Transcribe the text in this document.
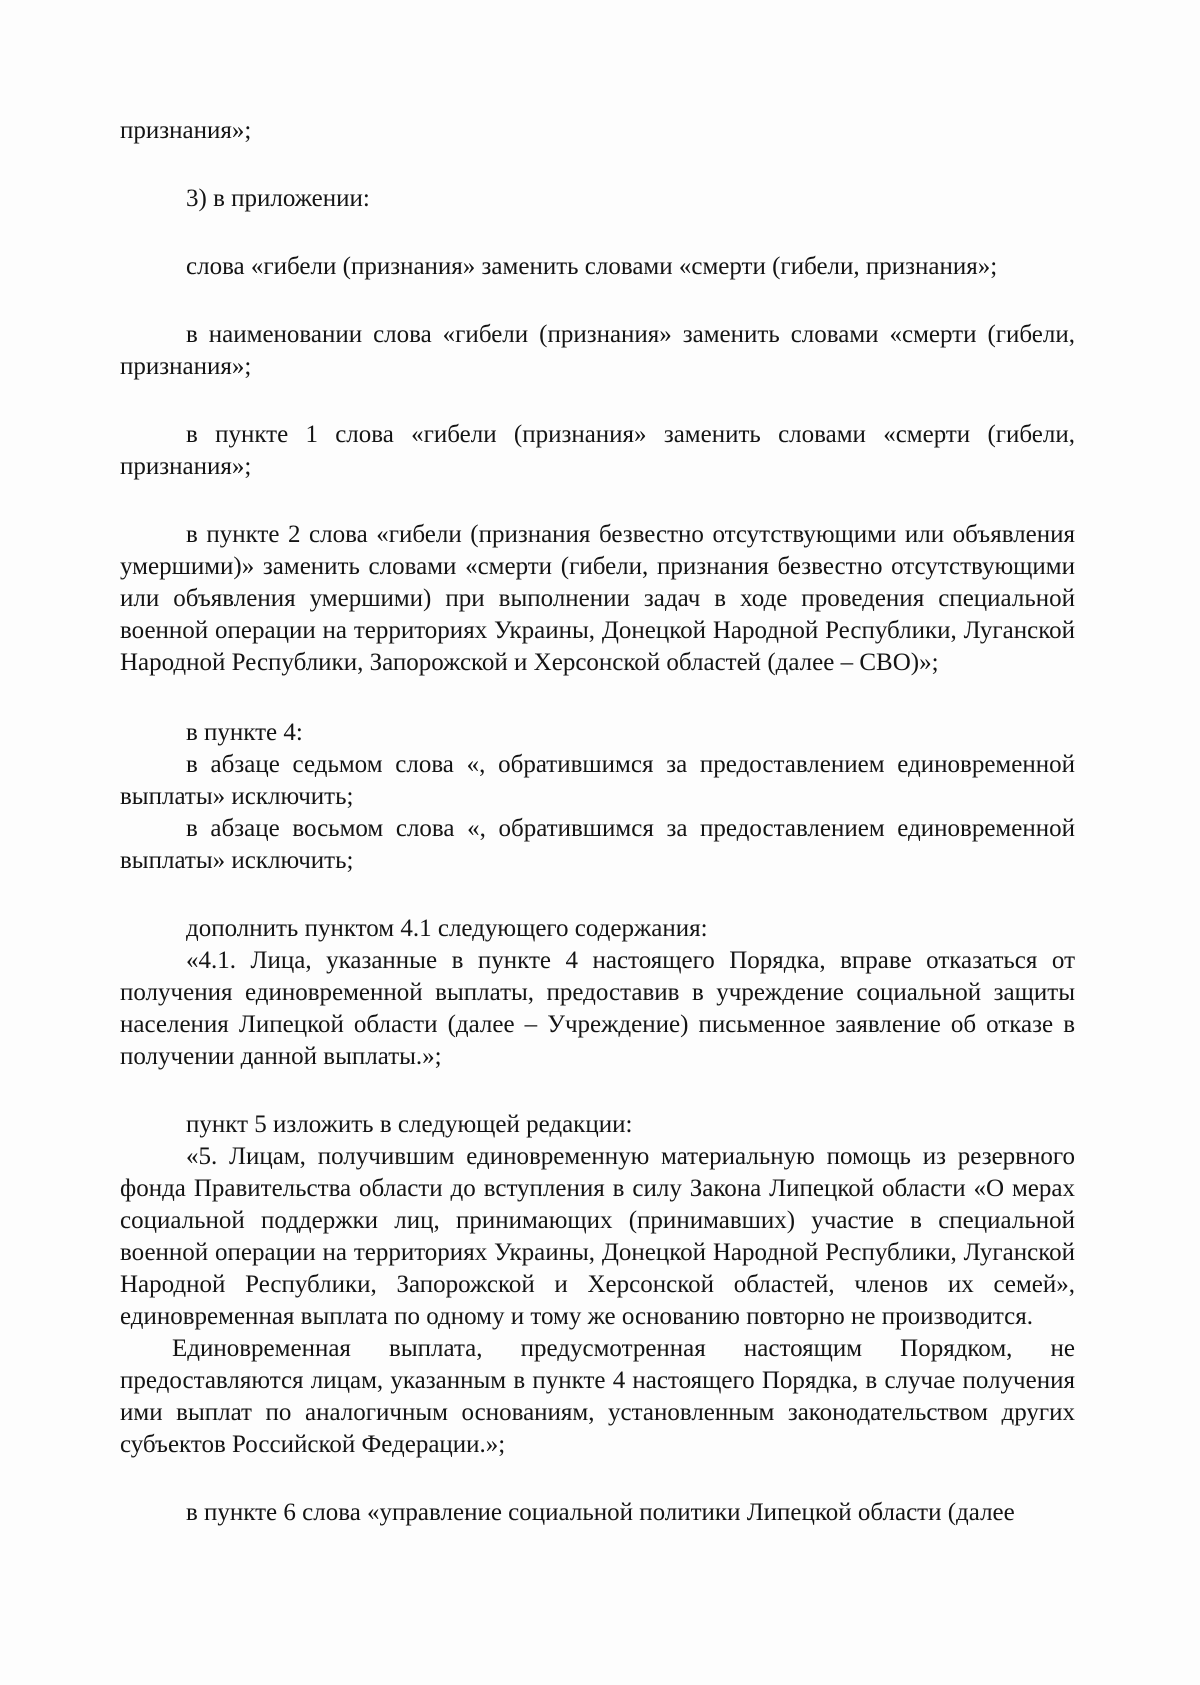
признания»;

3) в приложении:

слова «гибели (признания» заменить словами «смерти (гибели, признания»;

в наименовании слова «гибели (признания» заменить словами «смерти (гибели, признания»;

в пункте 1 слова «гибели (признания» заменить словами «смерти (гибели, признания»;

в пункте 2 слова «гибели (признания безвестно отсутствующими или объявления умершими)» заменить словами «смерти (гибели, признания безвестно отсутствующими или объявления умершими) при выполнении задач в ходе проведения специальной военной операции на территориях Украины, Донецкой Народной Республики, Луганской Народной Республики, Запорожской и Херсонской областей (далее – СВО)»;

в пункте 4:

в абзаце седьмом слова «, обратившимся за предоставлением единовременной выплаты» исключить;

в абзаце восьмом слова «, обратившимся за предоставлением единовременной выплаты» исключить;

дополнить пунктом 4.1 следующего содержания:

«4.1. Лица, указанные в пункте 4 настоящего Порядка, вправе отказаться от получения единовременной выплаты, предоставив в учреждение социальной защиты населения Липецкой области (далее – Учреждение) письменное заявление об отказе в получении данной выплаты.»;

пункт 5 изложить в следующей редакции:

«5. Лицам, получившим единовременную материальную помощь из резервного фонда Правительства области до вступления в силу Закона Липецкой области «О мерах социальной поддержки лиц, принимающих (принимавших) участие в специальной военной операции на территориях Украины, Донецкой Народной Республики, Луганской Народной Республики, Запорожской и Херсонской областей, членов их семей», единовременная выплата по одному и тому же основанию повторно не производится.

Единовременная выплата, предусмотренная настоящим Порядком, не предоставляются лицам, указанным в пункте 4 настоящего Порядка, в случае получения ими выплат по аналогичным основаниям, установленным законодательством других субъектов Российской Федерации.»;

в пункте 6 слова «управление социальной политики Липецкой области (далее
